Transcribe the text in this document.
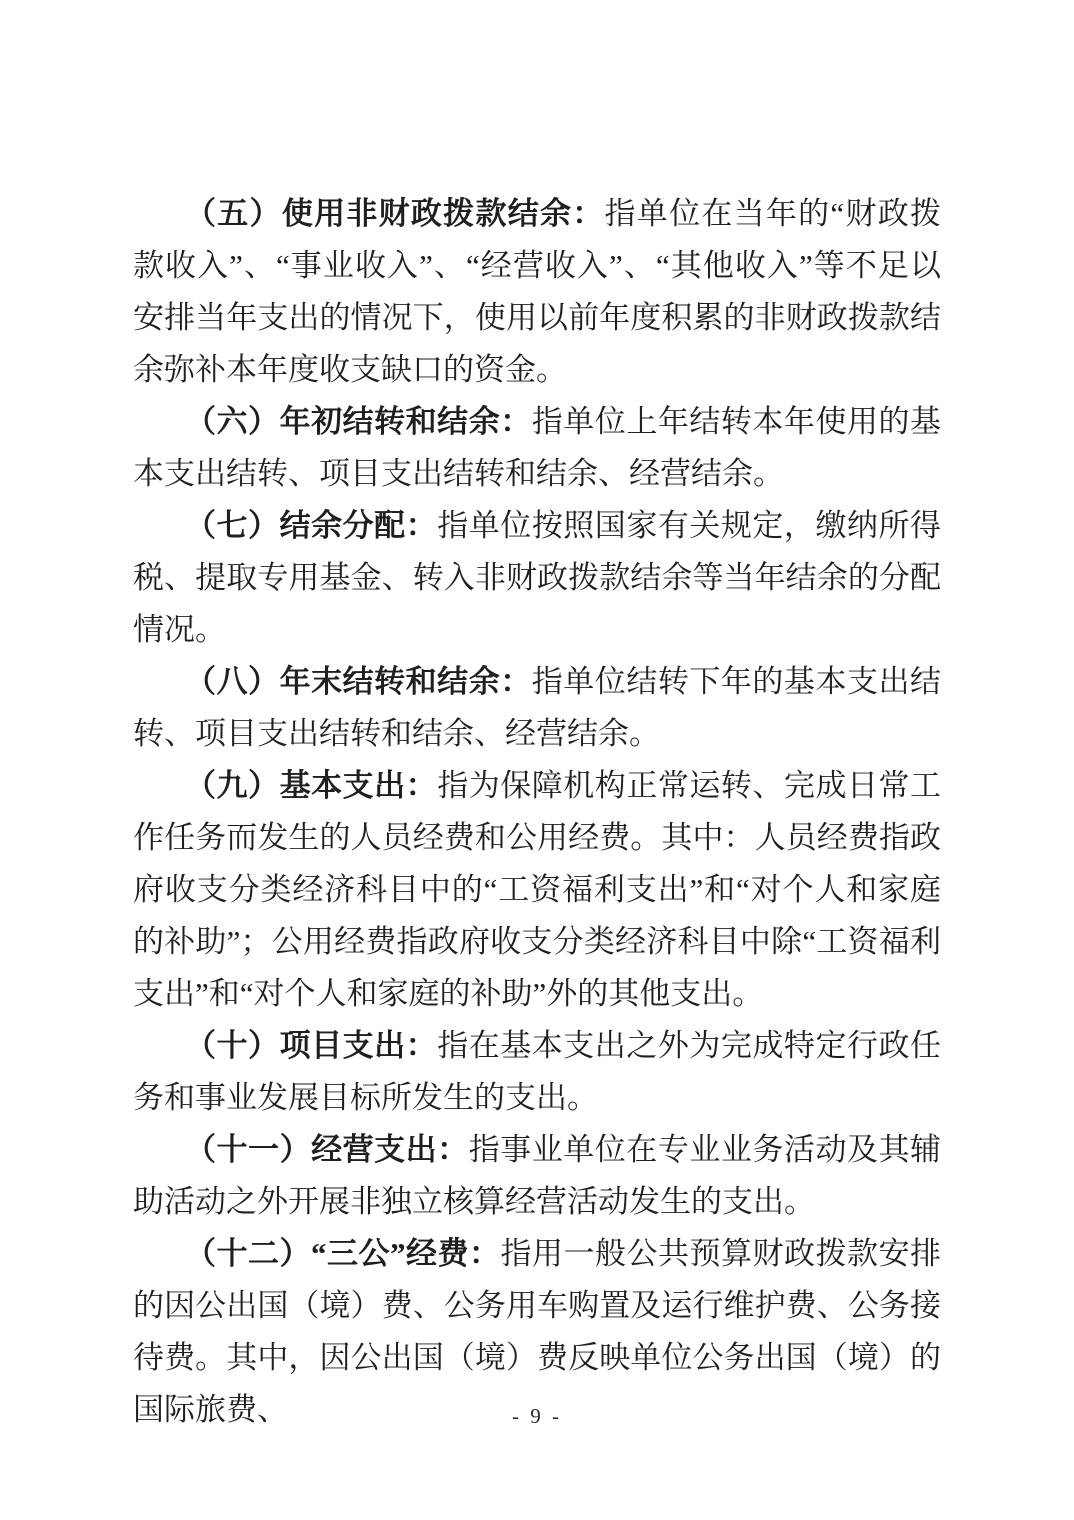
（五）使用非财政拨款结余：指单位在当年的“财政拨款收入”、“事业收入”、“经营收入”、“其他收入”等不足以安排当年支出的情况下，使用以前年度积累的非财政拨款结余弥补本年度收支缺口的资金。

（六）年初结转和结余：指单位上年结转本年使用的基本支出结转、项目支出结转和结余、经营结余。

（七）结余分配：指单位按照国家有关规定，缴纳所得税、提取专用基金、转入非财政拨款结余等当年结余的分配情况。

（八）年末结转和结余：指单位结转下年的基本支出结转、项目支出结转和结余、经营结余。

（九）基本支出：指为保障机构正常运转、完成日常工作任务而发生的人员经费和公用经费。其中：人员经费指政府收支分类经济科目中的“工资福利支出”和“对个人和家庭的补助”；公用经费指政府收支分类经济科目中除“工资福利支出”和“对个人和家庭的补助”外的其他支出。

（十）项目支出：指在基本支出之外为完成特定行政任务和事业发展目标所发生的支出。

（十一）经营支出：指事业单位在专业业务活动及其辅助活动之外开展非独立核算经营活动发生的支出。

（十二）“三公”经费：指用一般公共预算财政拨款安排的因公出国（境）费、公务用车购置及运行维护费、公务接待费。其中，因公出国（境）费反映单位公务出国（境）的国际旅费、	- 9 -
